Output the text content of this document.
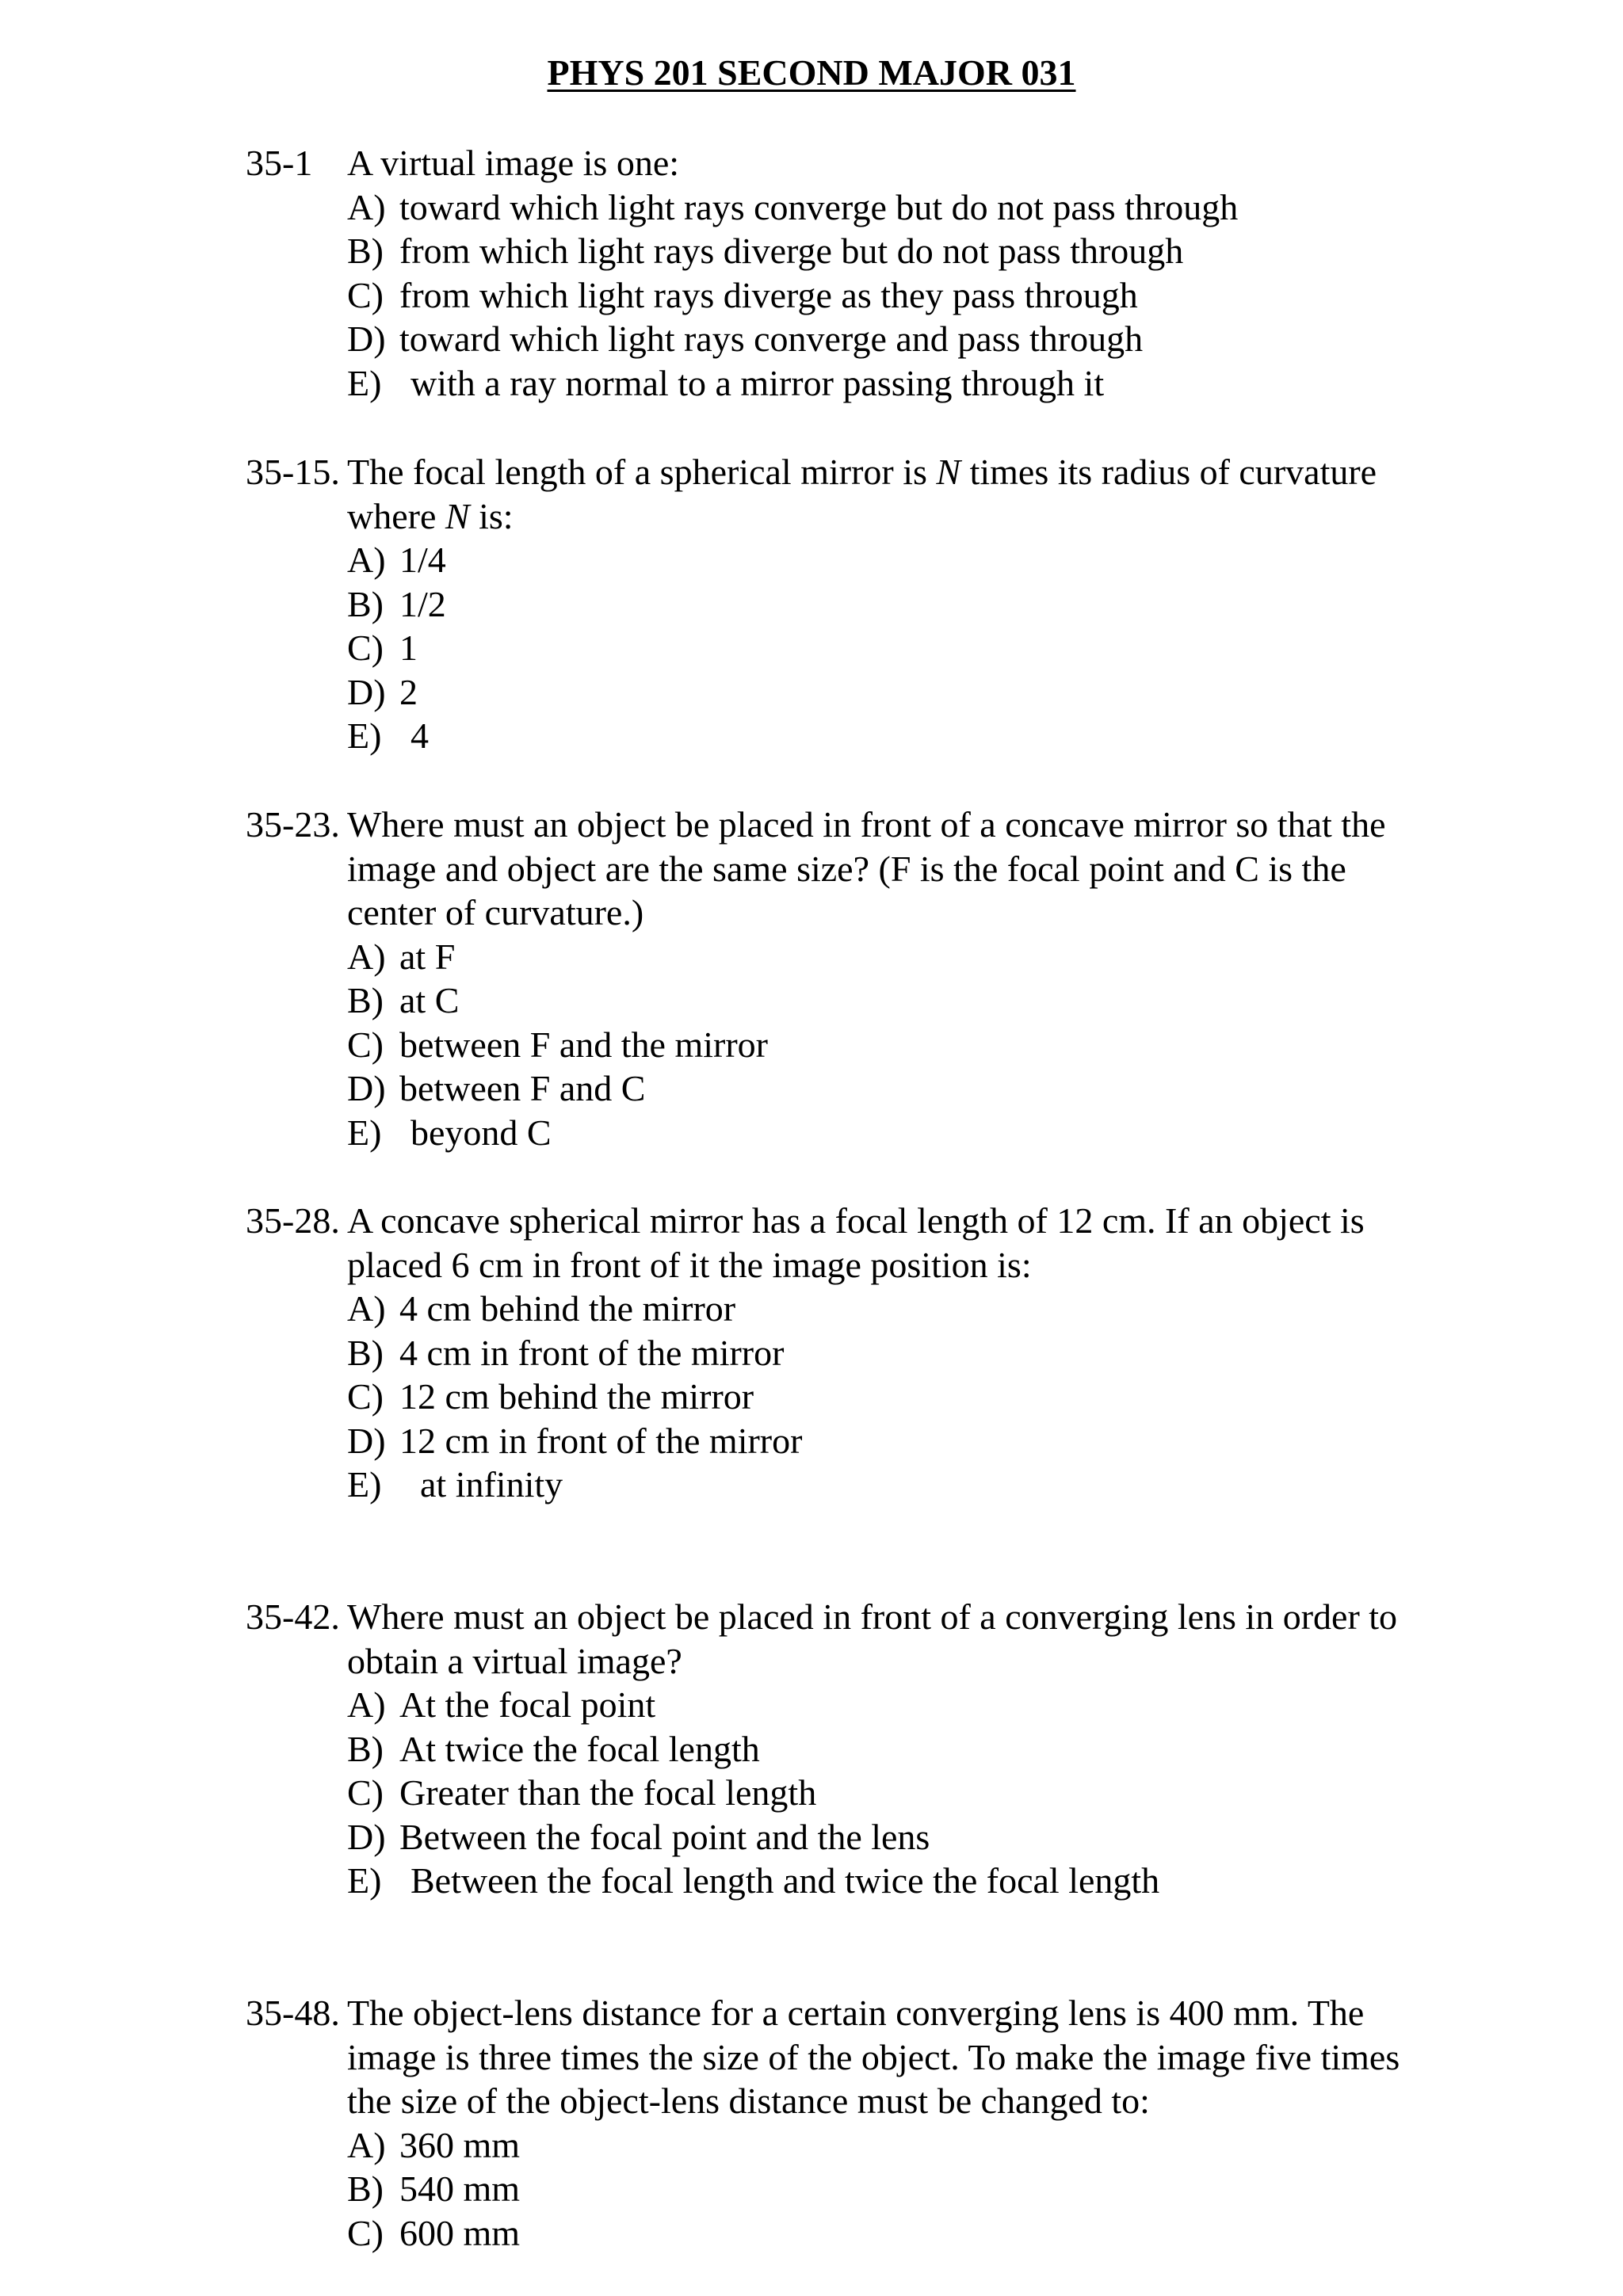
PHYS 201 SECOND MAJOR 031
35-1 A virtual image is one:
A) toward which light rays converge but do not pass through
B) from which light rays diverge but do not pass through
C) from which light rays diverge as they pass through
D) toward which light rays converge and pass through
E) with a ray normal to a mirror passing through it
35-15. The focal length of a spherical mirror is N times its radius of curvature where N is:
A) 1/4
B) 1/2
C) 1
D) 2
E) 4
35-23. Where must an object be placed in front of a concave mirror so that the image and object are the same size? (F is the focal point and C is the center of curvature.)
A) at F
B) at C
C) between F and the mirror
D) between F and C
E) beyond C
35-28. A concave spherical mirror has a focal length of 12 cm. If an object is placed 6 cm in front of it the image position is:
A) 4 cm behind the mirror
B) 4 cm in front of the mirror
C) 12 cm behind the mirror
D) 12 cm in front of the mirror
E)	at infinity
35-42. Where must an object be placed in front of a converging lens in order to obtain a virtual image?
A) At the focal point
B) At twice the focal length
C) Greater than the focal length
D) Between the focal point and the lens
E) Between the focal length and twice the focal length
35-48. The object-lens distance for a certain converging lens is 400 mm. The image is three times the size of the object. To make the image five times the size of the object-lens distance must be changed to:
A) 360 mm
B) 540 mm
C) 600 mm
